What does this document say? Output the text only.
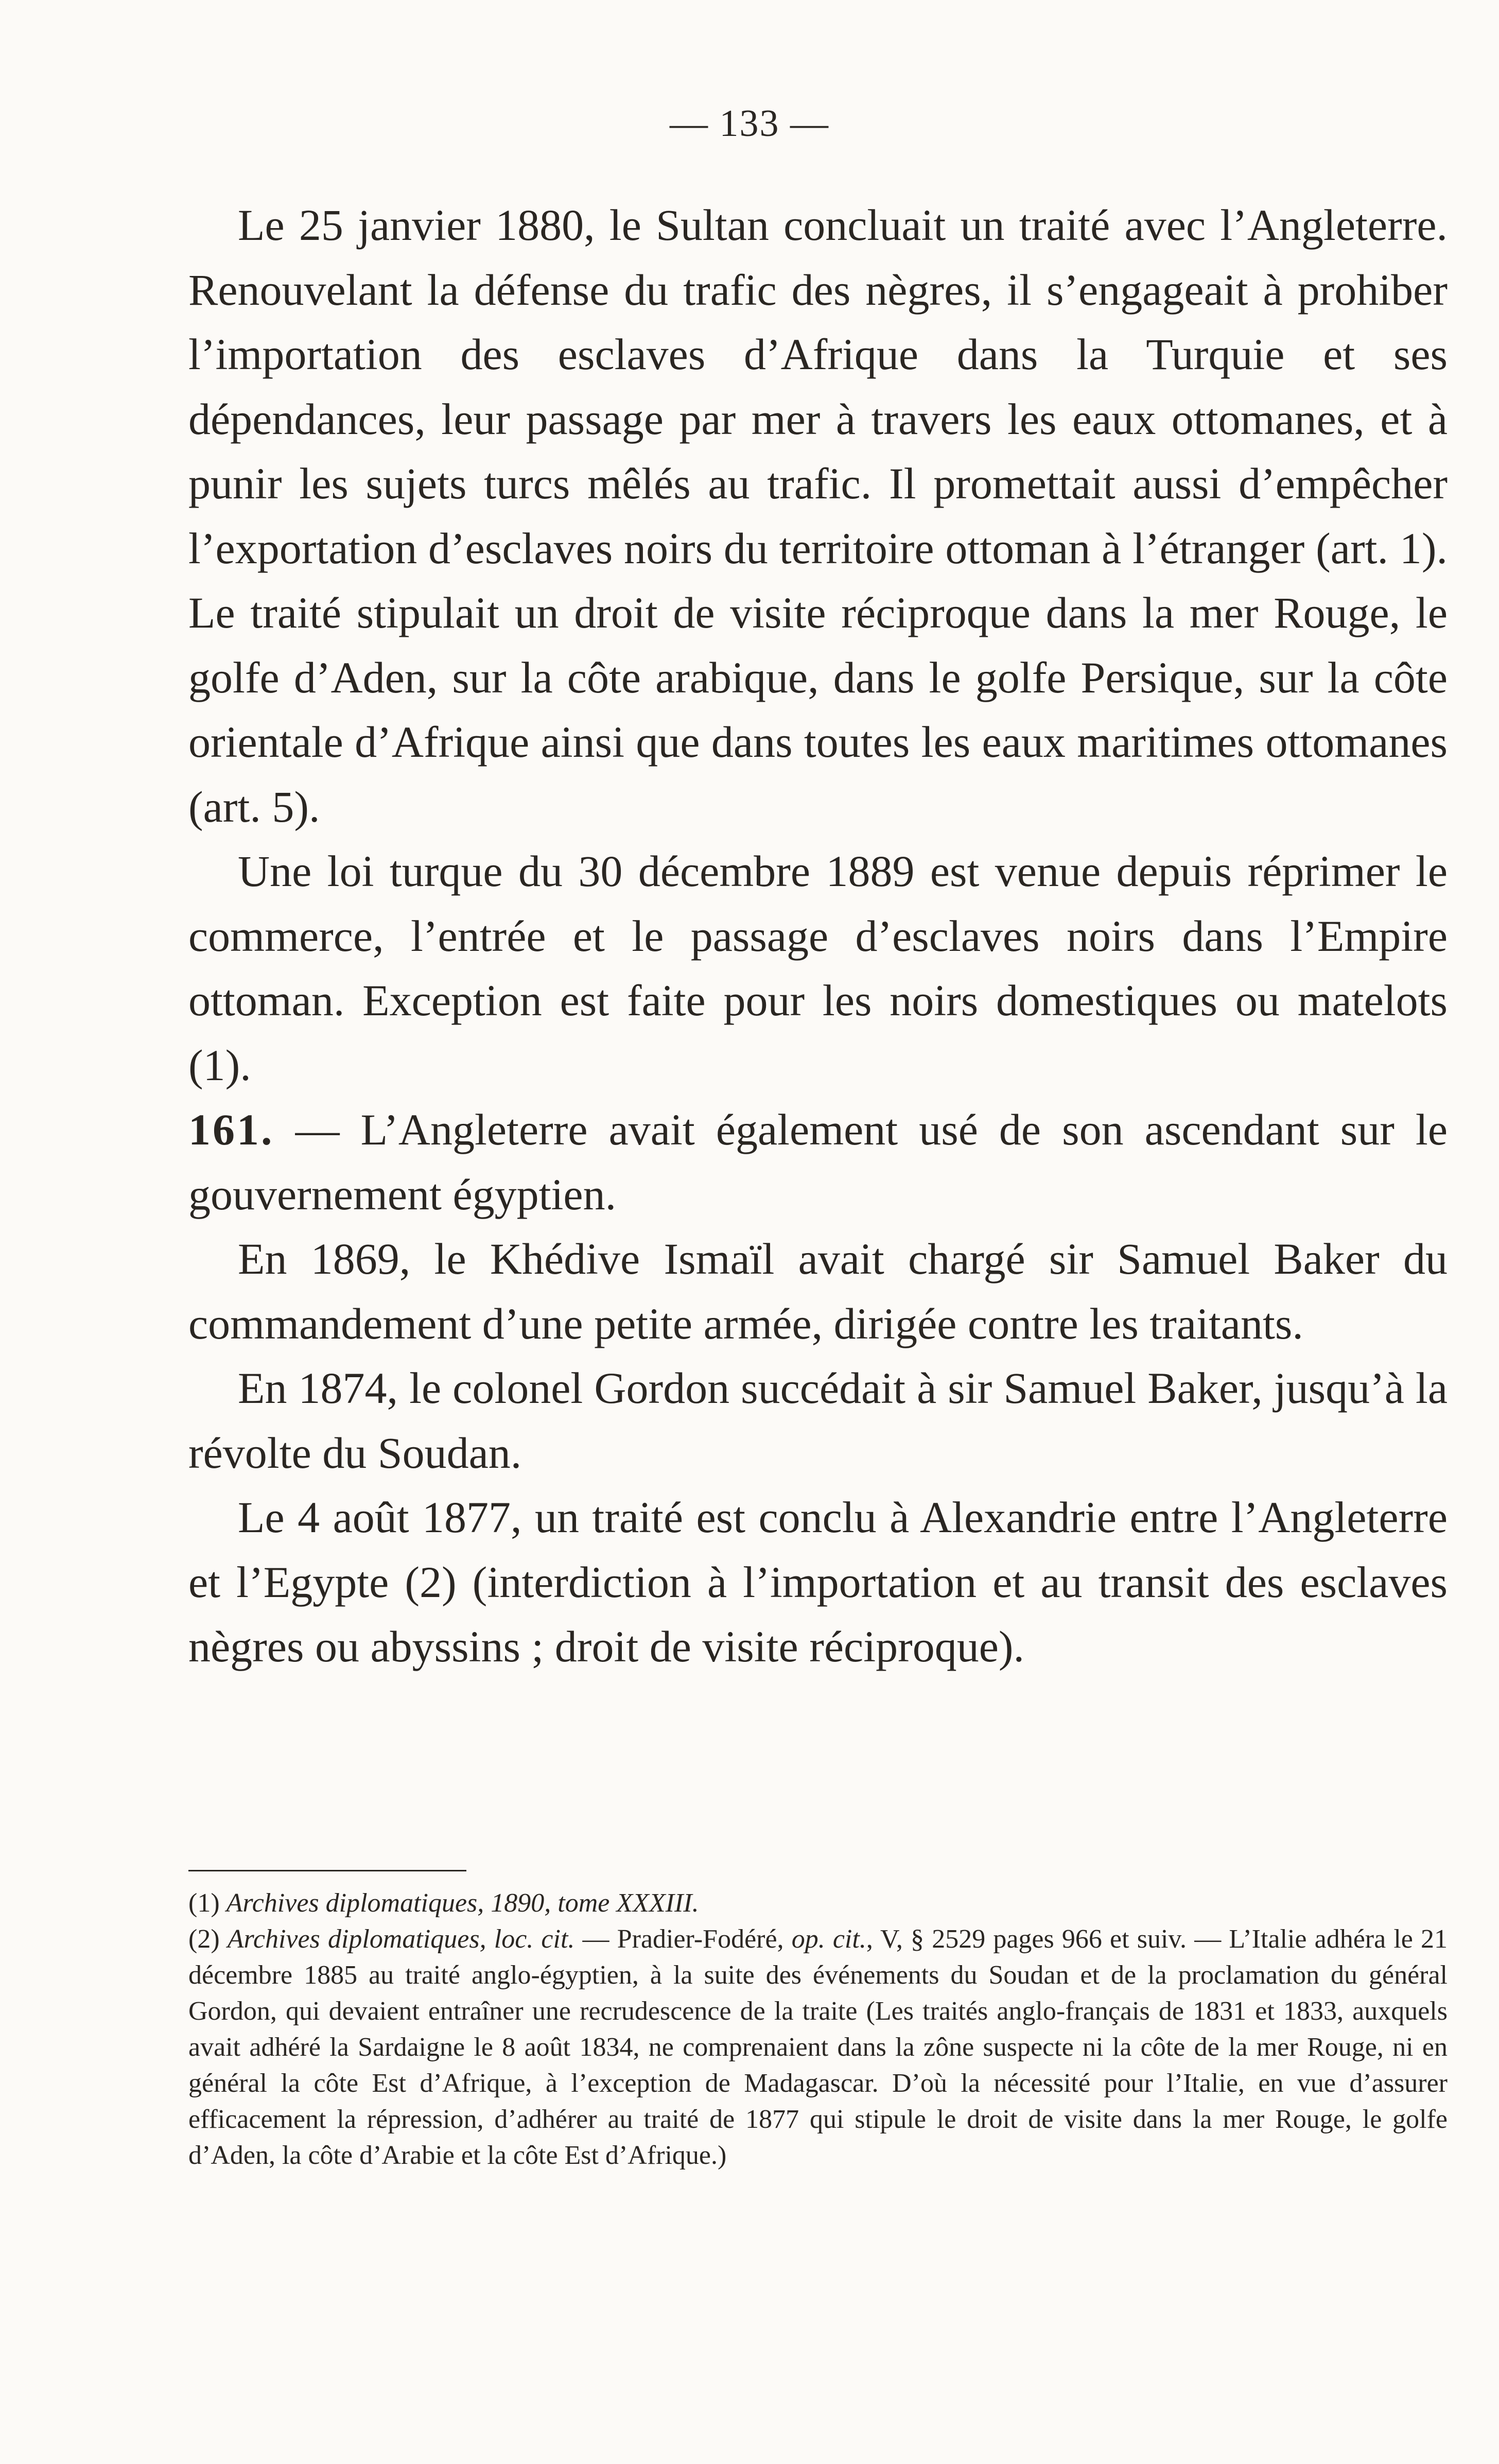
— 133 —

Le 25 janvier 1880, le Sultan concluait un traité avec l’Angleterre. Renouvelant la défense du trafic des nègres, il s’engageait à prohiber l’importation des esclaves d’Afrique dans la Turquie et ses dépendances, leur passage par mer à travers les eaux ottomanes, et à punir les sujets turcs mêlés au trafic. Il promettait aussi d’empêcher l’exportation d’esclaves noirs du territoire ottoman à l’étranger (art. 1). Le traité stipulait un droit de visite réciproque dans la mer Rouge, le golfe d’Aden, sur la côte arabique, dans le golfe Persique, sur la côte orientale d’Afrique ainsi que dans toutes les eaux maritimes ottomanes (art. 5).

Une loi turque du 30 décembre 1889 est venue depuis réprimer le commerce, l’entrée et le passage d’esclaves noirs dans l’Empire ottoman. Exception est faite pour les noirs domestiques ou matelots (1).

161. — L’Angleterre avait également usé de son ascendant sur le gouvernement égyptien.

En 1869, le Khédive Ismaïl avait chargé sir Samuel Baker du commandement d’une petite armée, dirigée contre les traitants.

En 1874, le colonel Gordon succédait à sir Samuel Baker, jusqu’à la révolte du Soudan.

Le 4 août 1877, un traité est conclu à Alexandrie entre l’Angleterre et l’Egypte (2) (interdiction à l’importation et au transit des esclaves nègres ou abyssins ; droit de visite réciproque).

(1) Archives diplomatiques, 1890, tome XXXIII.

(2) Archives diplomatiques, loc. cit. — Pradier-Fodéré, op. cit., V, § 2529 pages 966 et suiv. — L’Italie adhéra le 21 décembre 1885 au traité anglo-égyptien, à la suite des événements du Soudan et de la proclamation du général Gordon, qui devaient entraîner une recrudescence de la traite (Les traités anglo-français de 1831 et 1833, auxquels avait adhéré la Sardaigne le 8 août 1834, ne comprenaient dans la zône suspecte ni la côte de la mer Rouge, ni en général la côte Est d’Afrique, à l’exception de Madagascar. D’où la nécessité pour l’Italie, en vue d’assurer efficacement la répression, d’adhérer au traité de 1877 qui stipule le droit de visite dans la mer Rouge, le golfe d’Aden, la côte d’Arabie et la côte Est d’Afrique.)
